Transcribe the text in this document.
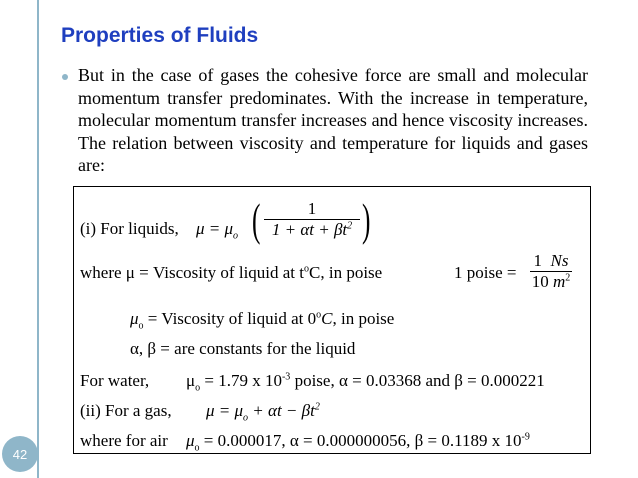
Properties of Fluids

But in the case of gases the cohesive force are small and molecular momentum transfer predominates. With the increase in temperature, molecular momentum transfer increases and hence viscosity increases. The relation between viscosity and temperature for liquids and gases are:

(i) For liquids, $\mu = \mu_o$ (	1
$1 + \alpha t + \beta t^2$ )
where μ = Viscosity of liquid at $t^oC$, in poise	1 poise =
1 Ns
10 $m^2$
$\mu_o$ = Viscosity of liquid at 0$^o$C, in poise
α, β = are constants for the liquid
For water, $\mu_o = 1.79$ x $10^{-3}$ poise, α = 0.03368 and β = 0.000221
(ii) For a gas, $\mu = \mu_o + \alpha t - \beta t^2$
where for air $\mu_o = 0.000017$, α = 0.000000056, β = 0.1189 x $10^{-9}$
42
